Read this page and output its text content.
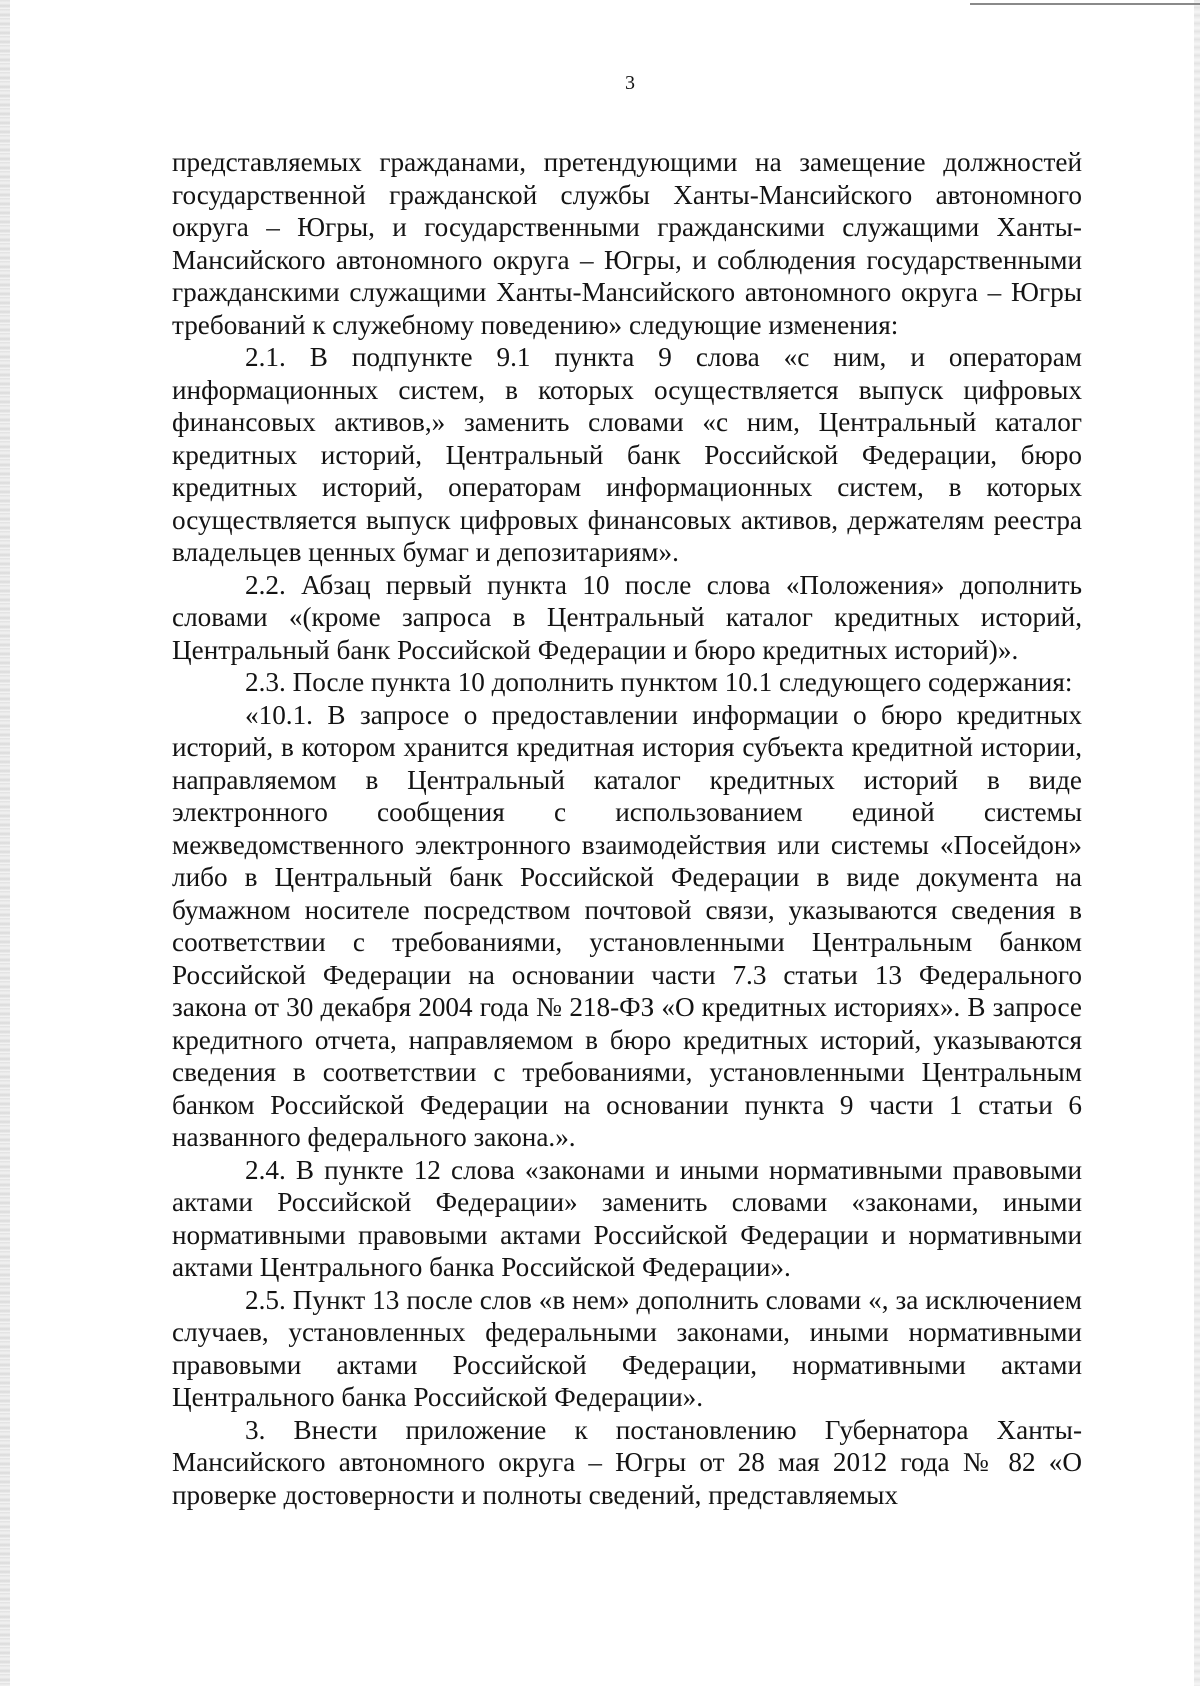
3

представляемых гражданами, претендующими на замещение должностей государственной гражданской службы Ханты-Мансийского автономного округа – Югры, и государственными гражданскими служащими Ханты-Мансийского автономного округа – Югры, и соблюдения государственными гражданскими служащими Ханты-Мансийского автономного округа – Югры требований к служебному поведению» следующие изменения:

2.1. В подпункте 9.1 пункта 9 слова «с ним, и операторам информационных систем, в которых осуществляется выпуск цифровых финансовых активов,» заменить словами «с ним, Центральный каталог кредитных историй, Центральный банк Российской Федерации, бюро кредитных историй, операторам информационных систем, в которых осуществляется выпуск цифровых финансовых активов, держателям реестра владельцев ценных бумаг и депозитариям».

2.2. Абзац первый пункта 10 после слова «Положения» дополнить словами «(кроме запроса в Центральный каталог кредитных историй, Центральный банк Российской Федерации и бюро кредитных историй)».

2.3. После пункта 10 дополнить пунктом 10.1 следующего содержания:

«10.1. В запросе о предоставлении информации о бюро кредитных историй, в котором хранится кредитная история субъекта кредитной истории, направляемом в Центральный каталог кредитных историй в виде электронного сообщения с использованием единой системы межведомственного электронного взаимодействия или системы «Посейдон» либо в Центральный банк Российской Федерации в виде документа на бумажном носителе посредством почтовой связи, указываются сведения в соответствии с требованиями, установленными Центральным банком Российской Федерации на основании части 7.3 статьи 13 Федерального закона от 30 декабря 2004 года № 218-ФЗ «О кредитных историях». В запросе кредитного отчета, направляемом в бюро кредитных историй, указываются сведения в соответствии с требованиями, установленными Центральным банком Российской Федерации на основании пункта 9 части 1 статьи 6 названного федерального закона.».

2.4. В пункте 12 слова «законами и иными нормативными правовыми актами Российской Федерации» заменить словами «законами, иными нормативными правовыми актами Российской Федерации и нормативными актами Центрального банка Российской Федерации».

2.5. Пункт 13 после слов «в нем» дополнить словами «, за исключением случаев, установленных федеральными законами, иными нормативными правовыми актами Российской Федерации, нормативными актами Центрального банка Российской Федерации».

3. Внести приложение к постановлению Губернатора Ханты-Мансийского автономного округа – Югры от 28 мая 2012 года № 82 «О проверке достоверности и полноты сведений, представляемых
